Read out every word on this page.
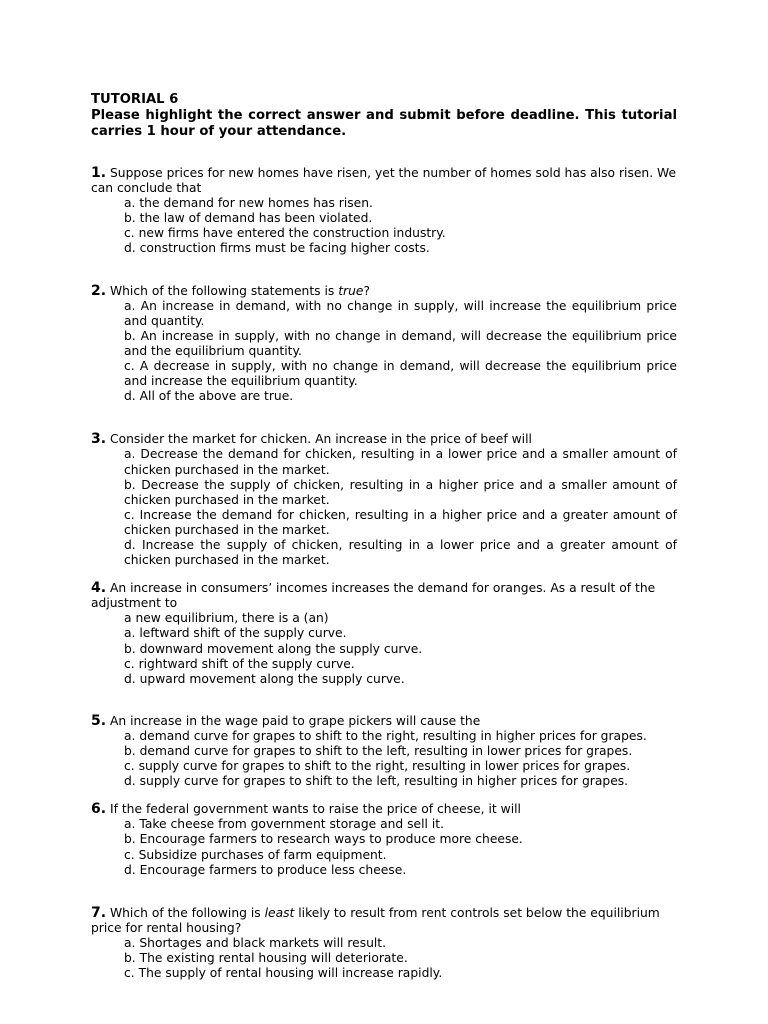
TUTORIAL 6
Please highlight the correct answer and submit before deadline. This tutorial carries 1 hour of your attendance.
1. Suppose prices for new homes have risen, yet the number of homes sold has also risen. We can conclude that
a. the demand for new homes has risen.
b. the law of demand has been violated.
c. new firms have entered the construction industry.
d. construction firms must be facing higher costs.
2. Which of the following statements is true?
a. An increase in demand, with no change in supply, will increase the equilibrium price and quantity.
b. An increase in supply, with no change in demand, will decrease the equilibrium price and the equilibrium quantity.
c. A decrease in supply, with no change in demand, will decrease the equilibrium price and increase the equilibrium quantity.
d. All of the above are true.
3. Consider the market for chicken. An increase in the price of beef will
a. Decrease the demand for chicken, resulting in a lower price and a smaller amount of chicken purchased in the market.
b. Decrease the supply of chicken, resulting in a higher price and a smaller amount of chicken purchased in the market.
c. Increase the demand for chicken, resulting in a higher price and a greater amount of chicken purchased in the market.
d. Increase the supply of chicken, resulting in a lower price and a greater amount of chicken purchased in the market.
4. An increase in consumers’ incomes increases the demand for oranges. As a result of the adjustment to
a new equilibrium, there is a (an)
a. leftward shift of the supply curve.
b. downward movement along the supply curve.
c. rightward shift of the supply curve.
d. upward movement along the supply curve.
5. An increase in the wage paid to grape pickers will cause the
a. demand curve for grapes to shift to the right, resulting in higher prices for grapes.
b. demand curve for grapes to shift to the left, resulting in lower prices for grapes.
c. supply curve for grapes to shift to the right, resulting in lower prices for grapes.
d. supply curve for grapes to shift to the left, resulting in higher prices for grapes.
6. If the federal government wants to raise the price of cheese, it will
a. Take cheese from government storage and sell it.
b. Encourage farmers to research ways to produce more cheese.
c. Subsidize purchases of farm equipment.
d. Encourage farmers to produce less cheese.
7. Which of the following is least likely to result from rent controls set below the equilibrium price for rental housing?
a. Shortages and black markets will result.
b. The existing rental housing will deteriorate.
c. The supply of rental housing will increase rapidly.
